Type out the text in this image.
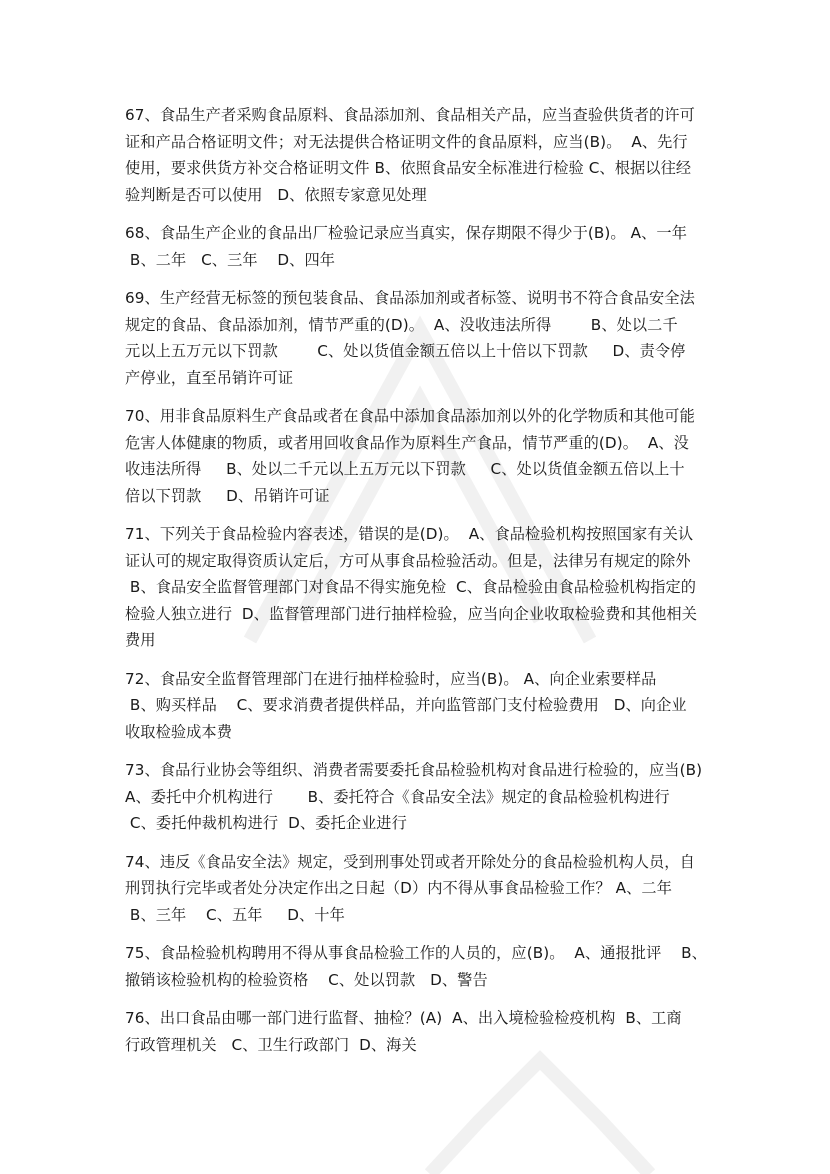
67、食品生产者采购食品原料、食品添加剂、食品相关产品，应当查验供货者的许可
证和产品合格证明文件；对无法提供合格证明文件的食品原料，应当(B)。  A、先行
使用，要求供货方补交合格证明文件 B、依照食品安全标准进行检验 C、根据以往经
验判断是否可以使用   D、依照专家意见处理
68、食品生产企业的食品出厂检验记录应当真实，保存期限不得少于(B)。 A、一年
B、二年   C、三年    D、四年
69、生产经营无标签的预包装食品、食品添加剂或者标签、说明书不符合食品安全法
规定的食品、食品添加剂，情节严重的(D)。  A、没收违法所得        B、处以二千
元以上五万元以下罚款        C、处以货值金额五倍以上十倍以下罚款     D、责令停
产停业，直至吊销许可证
70、用非食品原料生产食品或者在食品中添加食品添加剂以外的化学物质和其他可能
危害人体健康的物质，或者用回收食品作为原料生产食品，情节严重的(D)。  A、没
收违法所得     B、处以二千元以上五万元以下罚款     C、处以货值金额五倍以上十
倍以下罚款     D、吊销许可证
71、下列关于食品检验内容表述，错误的是(D)。  A、食品检验机构按照国家有关认
证认可的规定取得资质认定后，方可从事食品检验活动。但是，法律另有规定的除外
B、食品安全监督管理部门对食品不得实施免检  C、食品检验由食品检验机构指定的
检验人独立进行  D、监督管理部门进行抽样检验，应当向企业收取检验费和其他相关
费用
72、食品安全监督管理部门在进行抽样检验时，应当(B)。 A、向企业索要样品
B、购买样品    C、要求消费者提供样品，并向监管部门支付检验费用   D、向企业
收取检验成本费
73、食品行业协会等组织、消费者需要委托食品检验机构对食品进行检验的，应当(B)
A、委托中介机构进行       B、委托符合《食品安全法》规定的食品检验机构进行
C、委托仲裁机构进行  D、委托企业进行
74、违反《食品安全法》规定，受到刑事处罚或者开除处分的食品检验机构人员，自
刑罚执行完毕或者处分决定作出之日起（D）内不得从事食品检验工作？ A、二年
B、三年    C、五年     D、十年
75、食品检验机构聘用不得从事食品检验工作的人员的，应(B)。  A、通报批评    B、
撤销该检验机构的检验资格    C、处以罚款   D、警告
76、出口食品由哪一部门进行监督、抽检？(A)  A、出入境检验检疫机构  B、工商
行政管理机关   C、卫生行政部门  D、海关
